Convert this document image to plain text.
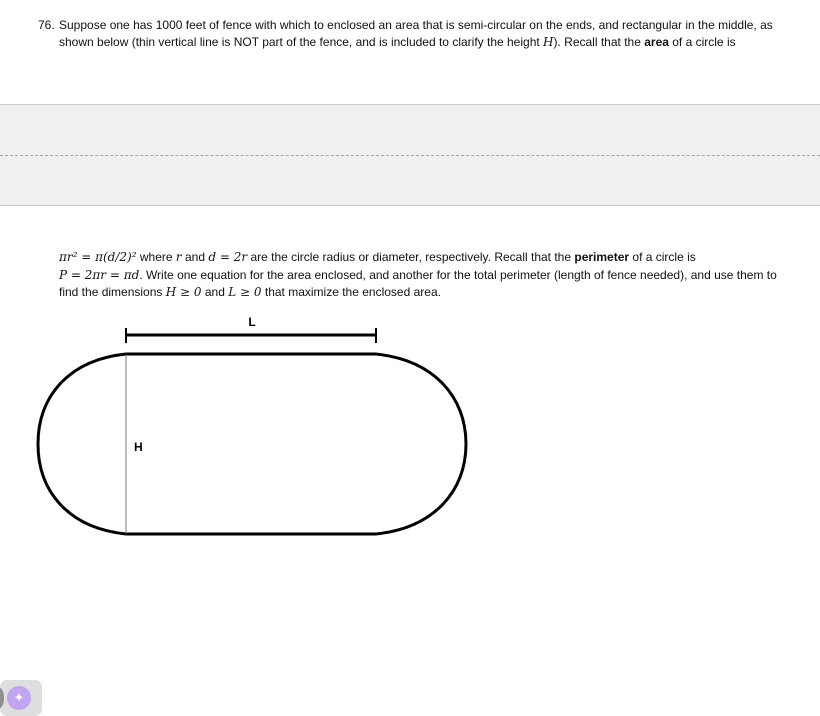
76. Suppose one has 1000 feet of fence with which to enclosed an area that is semi-circular on the ends, and rectangular in the middle, as
shown below (thin vertical line is NOT part of the fence, and is included to clarify the height H). Recall that the area of a circle is
πr² = π(d/2)² where r and d = 2r are the circle radius or diameter, respectively. Recall that the perimeter of a circle is
P = 2πr = πd. Write one equation for the area enclosed, and another for the total perimeter (length of fence needed), and use them to
find the dimensions H ≥ 0 and L ≥ 0 that maximize the enclosed area.
L
H
✦
